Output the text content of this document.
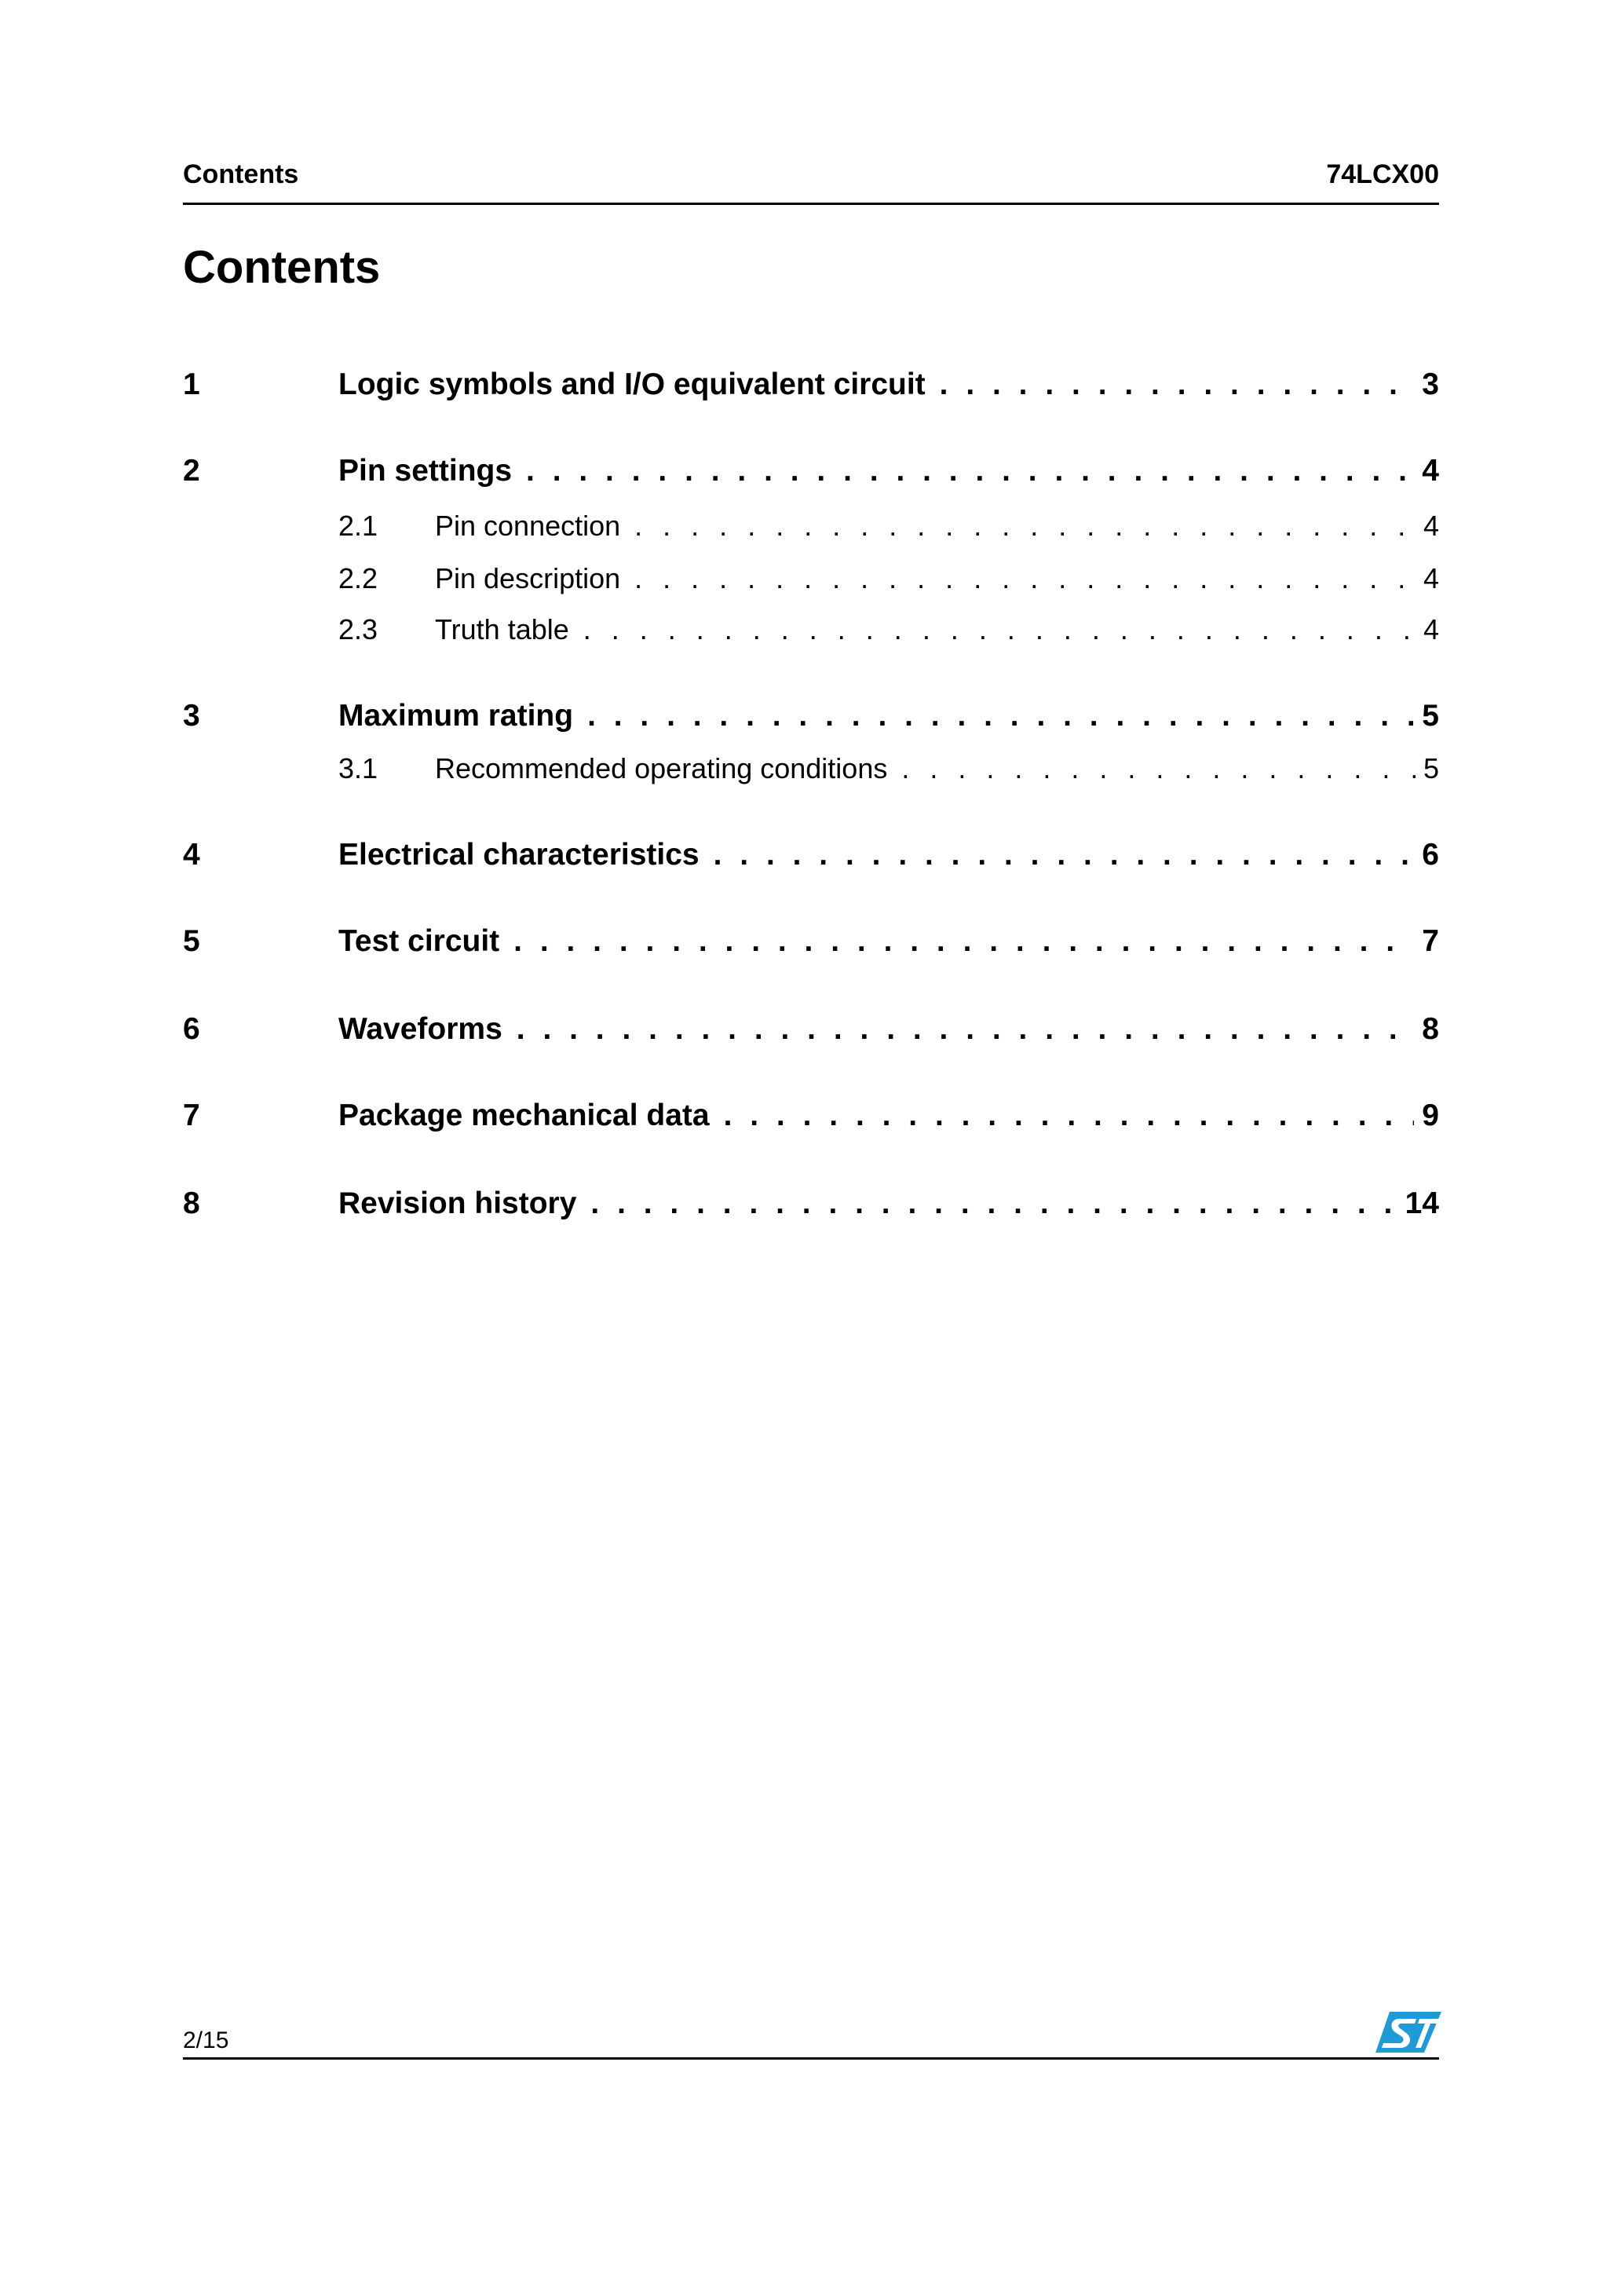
Contents	74LCX00
Contents
1	Logic symbols and I/O equivalent circuit . . .	3
2	Pin settings . . .	4
2.1	Pin connection . . .	4
2.2	Pin description . . .	4
2.3	Truth table . . .	4
3	Maximum rating . . .	5
3.1	Recommended operating conditions . . .	5
4	Electrical characteristics . . .	6
5	Test circuit . . .	7
6	Waveforms . . .	8
7	Package mechanical data . . .	9
8	Revision history . . .	14
2/15
